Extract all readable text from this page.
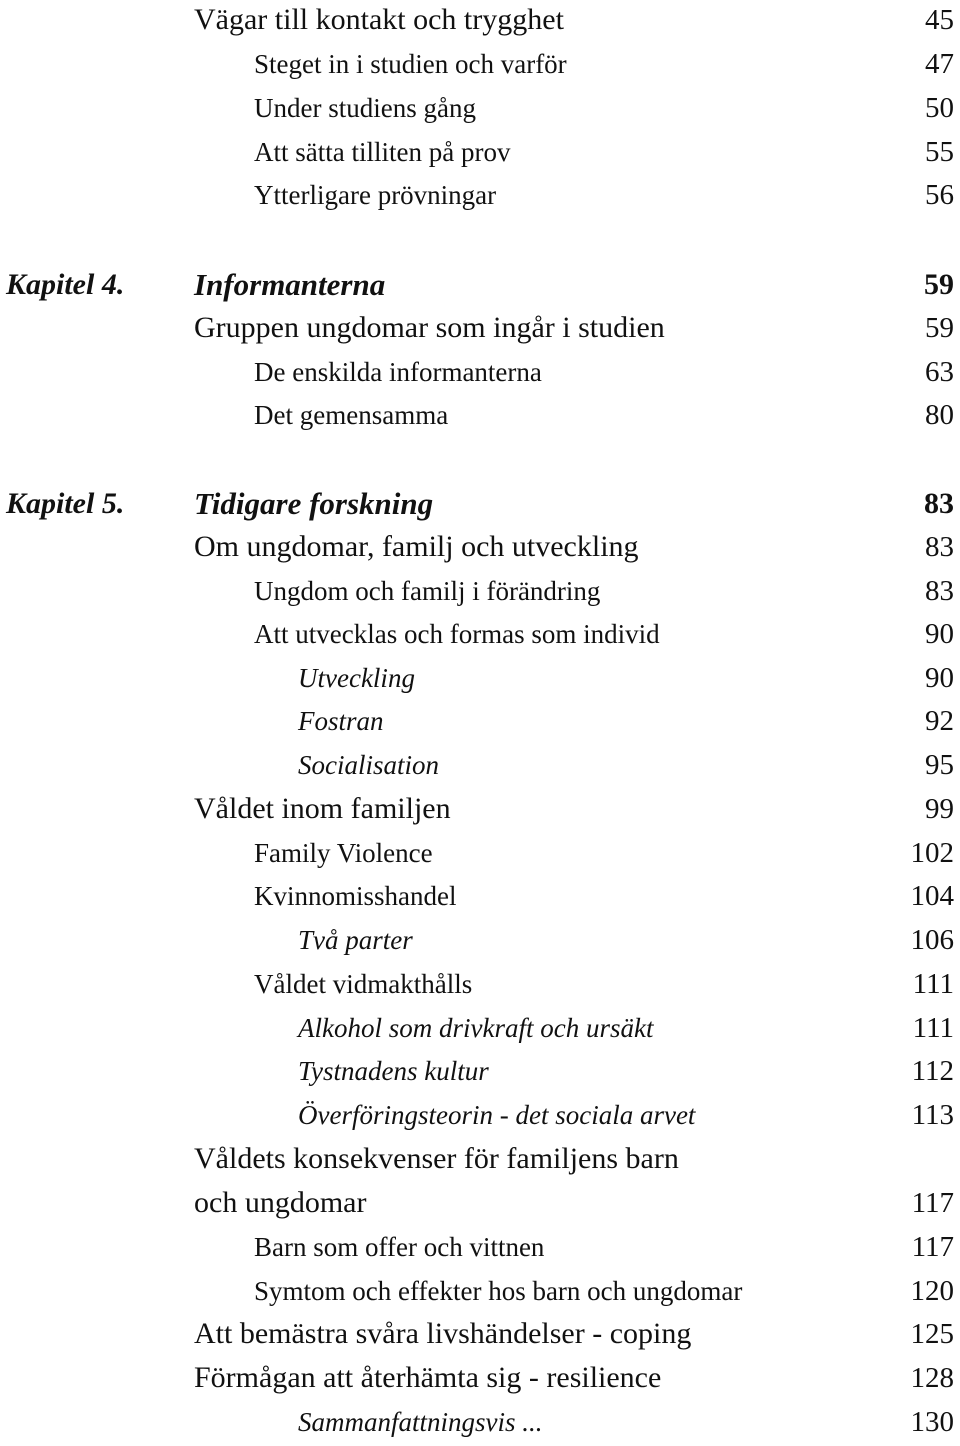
Vägar till kontakt och trygghet	45
Steget in i studien och varför	47
Under studiens gång	50
Att sätta tilliten på prov	55
Ytterligare prövningar	56
Kapitel 4. Informanterna	59
Gruppen ungdomar som ingår i studien	59
De enskilda informanterna	63
Det gemensamma	80
Kapitel 5. Tidigare forskning	83
Om ungdomar, familj och utveckling	83
Ungdom och familj i förändring	83
Att utvecklas och formas som individ	90
Utveckling	90
Fostran	92
Socialisation	95
Våldet inom familjen	99
Family Violence	102
Kvinnomisshandel	104
Två parter	106
Våldet vidmakthålls	111
Alkohol som drivkraft och ursäkt	111
Tystnadens kultur	112
Överföringsteorin - det sociala arvet	113
Våldets konsekvenser för familjens barn
och ungdomar	117
Barn som offer och vittnen	117
Symtom och effekter hos barn och ungdomar	120
Att bemästra svåra livshändelser - coping	125
Förmågan att återhämta sig - resilience	128
Sammanfattningsvis ...	130
